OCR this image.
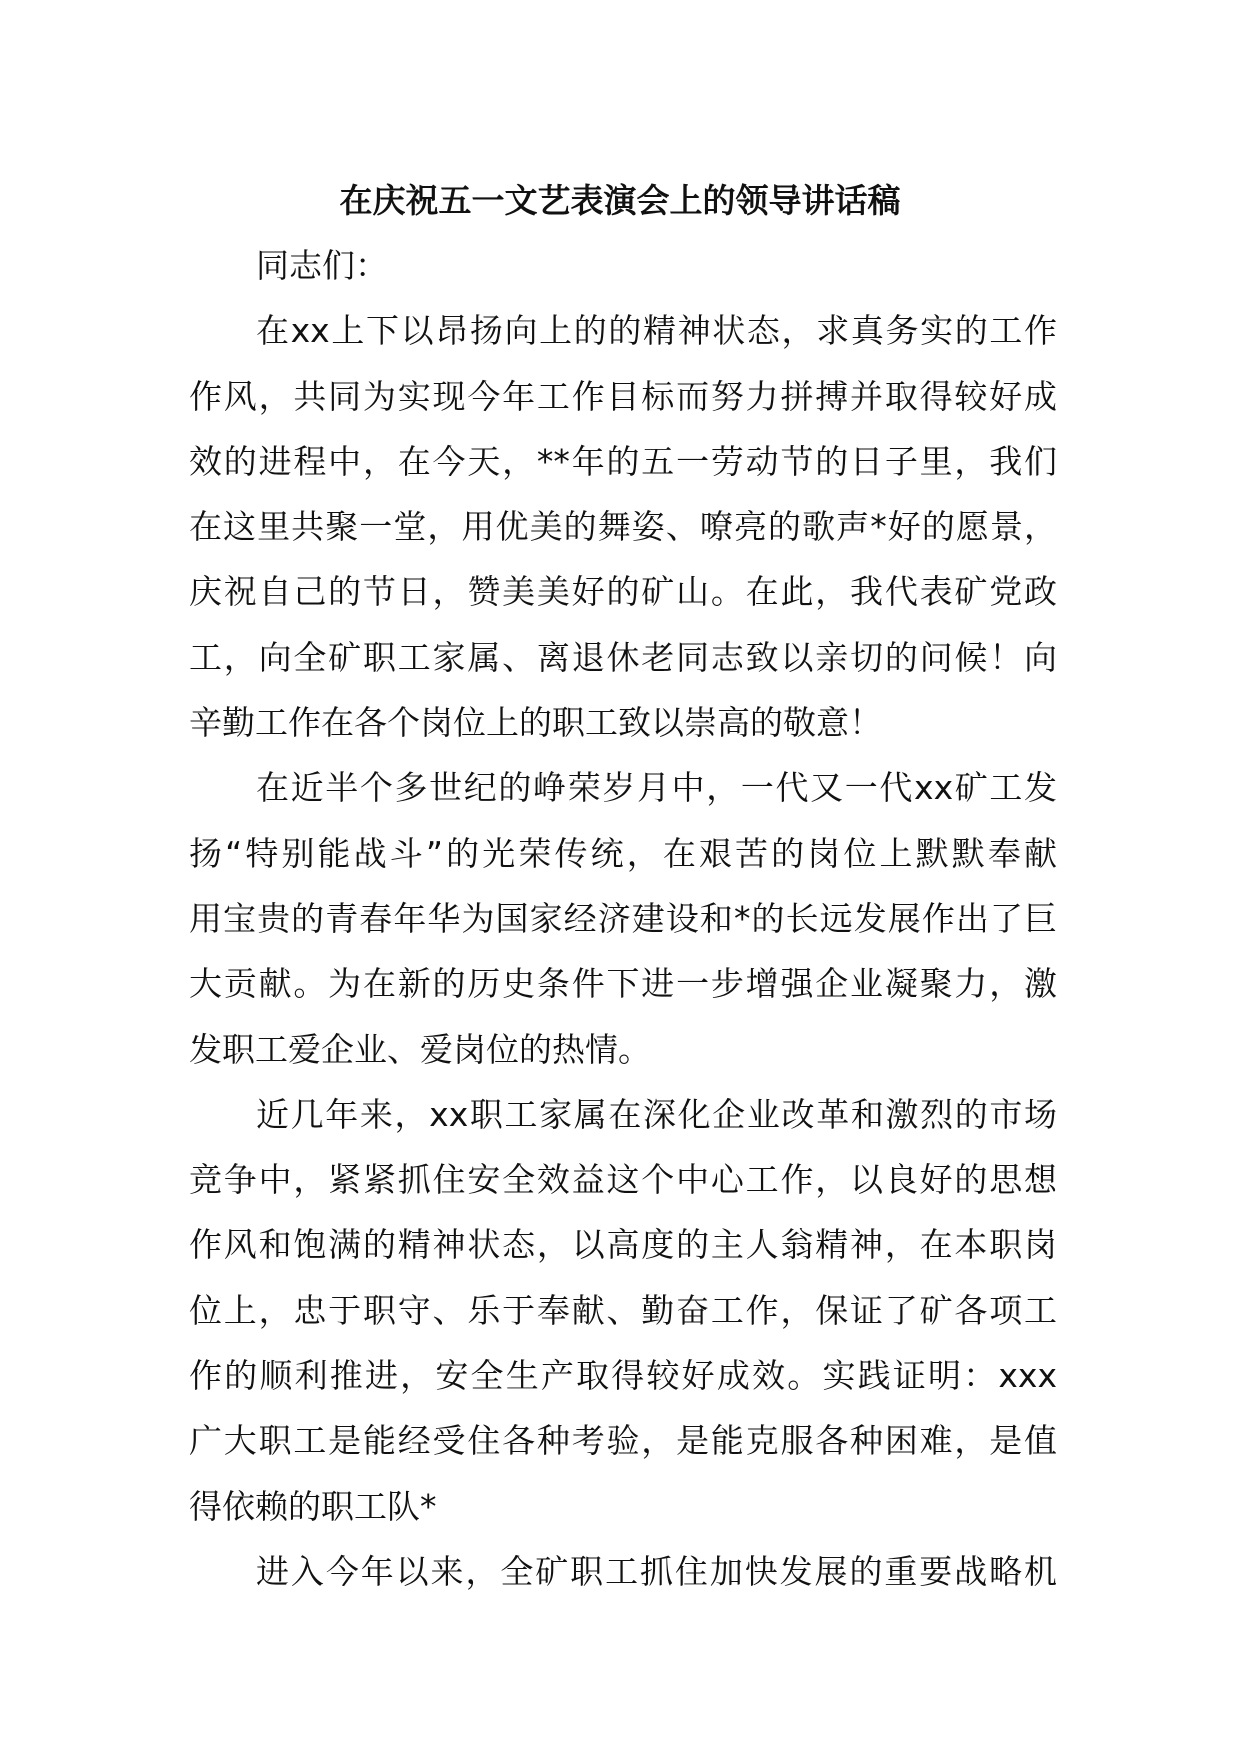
在庆祝五一文艺表演会上的领导讲话稿
同志们：
在xx上下以昂扬向上的的精神状态，求真务实的工作
作风，共同为实现今年工作目标而努力拼搏并取得较好成
效的进程中，在今天，**年的五一劳动节的日子里，我们
在这里共聚一堂，用优美的舞姿、嘹亮的歌声*好的愿景，
庆祝自己的节日，赞美美好的矿山。在此，我代表矿党政
工，向全矿职工家属、离退休老同志致以亲切的问候！向
辛勤工作在各个岗位上的职工致以崇高的敬意！
在近半个多世纪的峥荣岁月中，一代又一代xx矿工发
扬“特别能战斗”的光荣传统，在艰苦的岗位上默默奉献
用宝贵的青春年华为国家经济建设和*的长远发展作出了巨
大贡献。为在新的历史条件下进一步增强企业凝聚力，激
发职工爱企业、爱岗位的热情。
近几年来，xx职工家属在深化企业改革和激烈的市场
竞争中，紧紧抓住安全效益这个中心工作，以良好的思想
作风和饱满的精神状态，以高度的主人翁精神，在本职岗
位上，忠于职守、乐于奉献、勤奋工作，保证了矿各项工
作的顺利推进，安全生产取得较好成效。实践证明：xxx
广大职工是能经受住各种考验，是能克服各种困难，是值
得依赖的职工队*
进入今年以来，全矿职工抓住加快发展的重要战略机
